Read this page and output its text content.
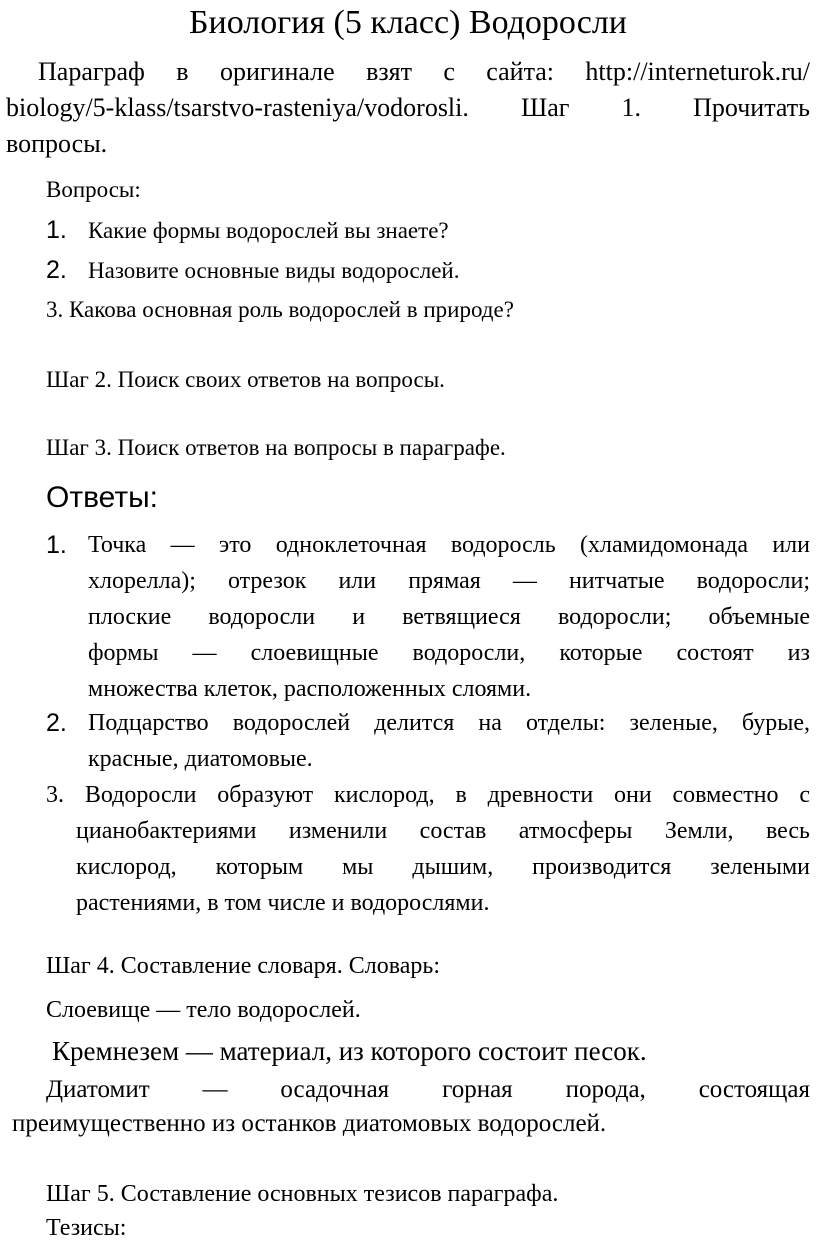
Биология (5 класс) Водоросли
Параграф в оригинале взят с сайта: http://interneturok.ru/
biology/5-klass/tsarstvo-rasteniya/vodorosli. Шаг 1. Прочитать
вопросы.
Вопросы:
1. Какие формы водорослей вы знаете?
2. Назовите основные виды водорослей.
3. Какова основная роль водорослей в природе?
Шаг 2. Поиск своих ответов на вопросы.
Шаг 3. Поиск ответов на вопросы в параграфе.
Ответы:
1. Точка — это одноклеточная водоросль (хламидомонада или
хлорелла); отрезок или прямая — нитчатые водоросли;
плоские водоросли и ветвящиеся водоросли; объемные
формы — слоевищные водоросли, которые состоят из
множества клеток, расположенных слоями.
2. Подцарство водорослей делится на отделы: зеленые, бурые,
красные, диатомовые.
3. Водоросли образуют кислород, в древности они совместно с
цианобактериями изменили состав атмосферы Земли, весь
кислород, которым мы дышим, производится зелеными
растениями, в том числе и водорослями.
Шаг 4. Составление словаря. Словарь:
Слоевище — тело водорослей.
Кремнезем — материал, из которого состоит песок.
Диатомит — осадочная горная порода, состоящая
преимущественно из останков диатомовых водорослей.
Шаг 5. Составление основных тезисов параграфа.
Тезисы:
